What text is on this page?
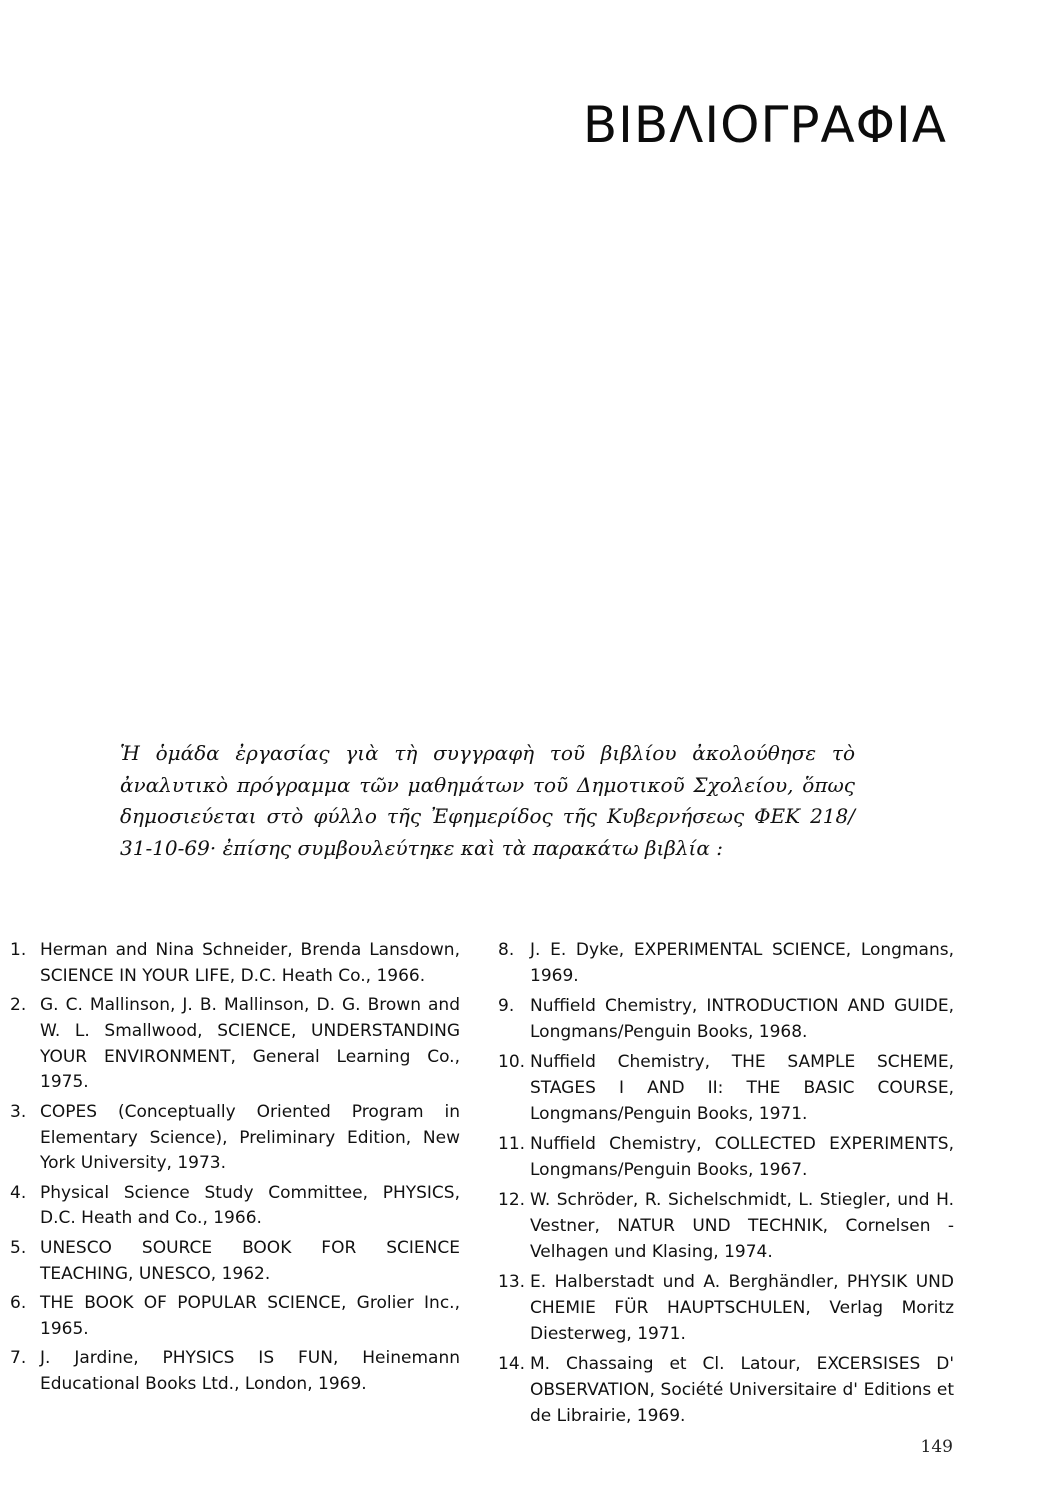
ΒΙΒΛΙΟΓΡΑΦΙΑ

Ἡ ὁμάδα ἐργασίας γιὰ τὴ συγγραφὴ τοῦ βιβλίου ἀκολούθησε τὸ ἀναλυτικὸ πρόγραμμα τῶν μαθημάτων τοῦ Δημοτικοῦ Σχολείου, ὅπως δημοσιεύεται στὸ φύλλο τῆς Ἐφημερίδος τῆς Κυβερνήσεως ΦΕΚ 218/ 31-10-69· ἐπίσης συμβουλεύτηκε καὶ τὰ παρακάτω βιβλία :

1. Herman and Nina Schneider, Brenda Lansdown, SCIENCE IN YOUR LIFE, D.C. Heath Co., 1966.
2. G. C. Mallinson, J. B. Mallinson, D. G. Brown and W. L. Smallwood, SCIENCE, UNDERSTANDING YOUR ENVIRONMENT, General Learning Co., 1975.
3. COPES (Conceptually Oriented Program in Elementary Science), Preliminary Edition, New York University, 1973.
4. Physical Science Study Committee, PHYSICS, D.C. Heath and Co., 1966.
5. UNESCO SOURCE BOOK FOR SCIENCE TEACHING, UNESCO, 1962.
6. THE BOOK OF POPULAR SCIENCE, Grolier Inc., 1965.
7. J. Jardine, PHYSICS IS FUN, Heinemann Educational Books Ltd., London, 1969.
8. J. E. Dyke, EXPERIMENTAL SCIENCE, Longmans, 1969.
9. Nuffield Chemistry, INTRODUCTION AND GUIDE, Longmans/Penguin Books, 1968.
10. Nuffield Chemistry, THE SAMPLE SCHEME, STAGES I AND II: THE BASIC COURSE, Longmans/Penguin Books, 1971.
11. Nuffield Chemistry, COLLECTED EXPERIMENTS, Longmans/Penguin Books, 1967.
12. W. Schröder, R. Sichelschmidt, L. Stiegler, und H. Vestner, NATUR UND TECHNIK, Cornelsen - Velhagen und Klasing, 1974.
13. E. Halberstadt und A. Berghändler, PHYSIK UND CHEMIE FÜR HAUPTSCHULEN, Verlag Moritz Diesterweg, 1971.
14. M. Chassaing et Cl. Latour, EXCERSISES D' OBSERVATION, Société Universitaire d' Editions et de Librairie, 1969.
149
